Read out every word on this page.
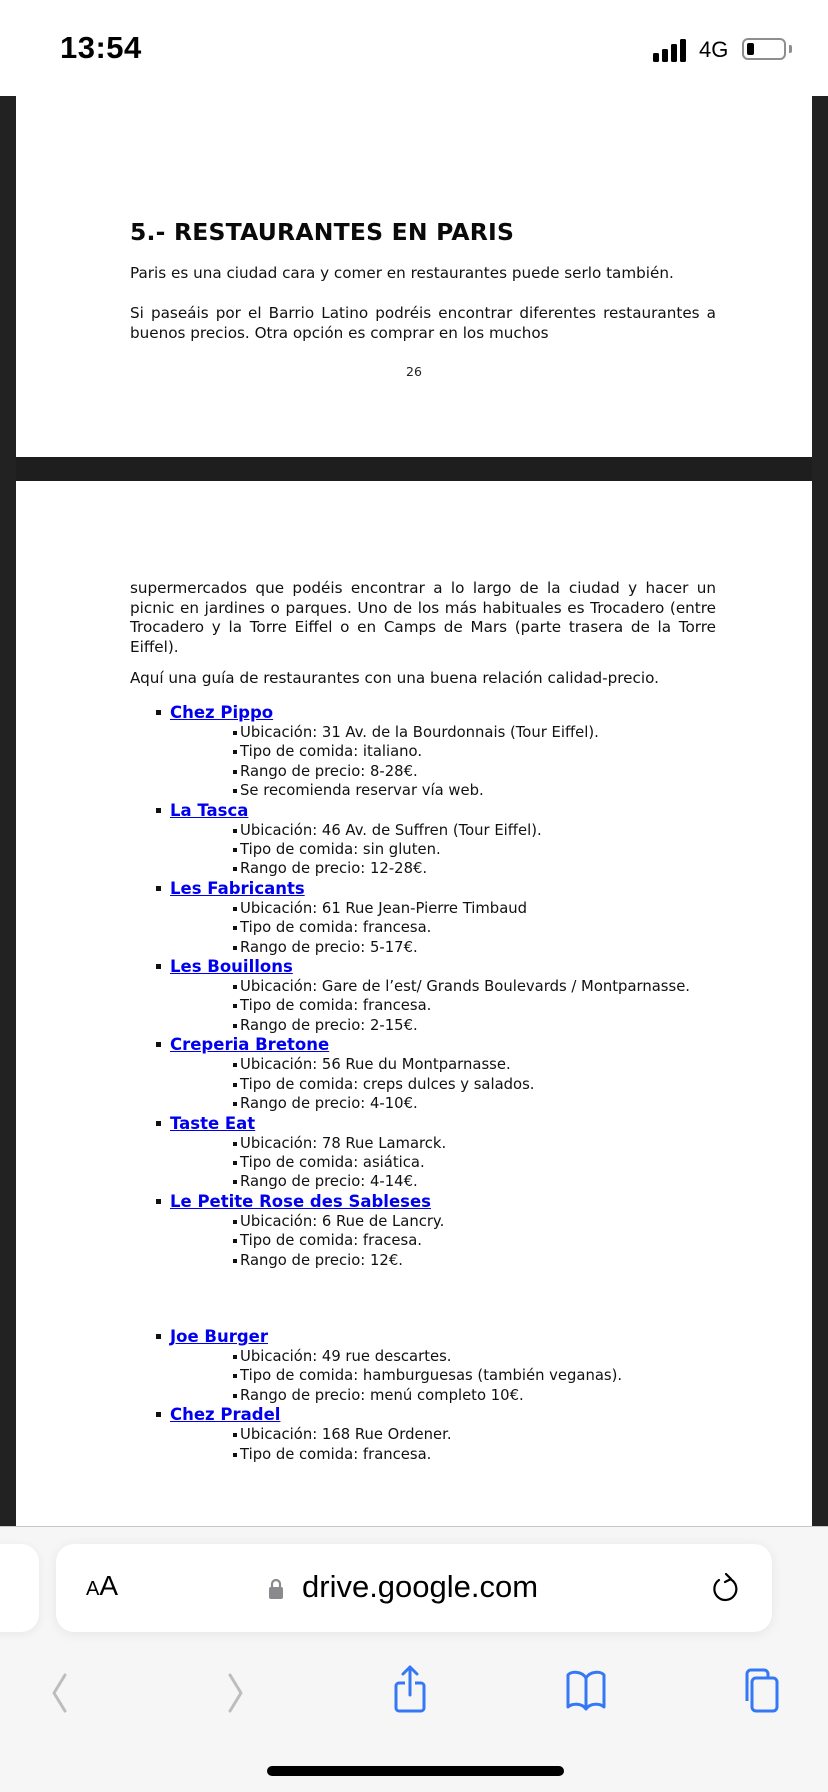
13:54	4G
5.- RESTAURANTES EN PARIS
Paris es una ciudad cara y comer en restaurantes puede serlo también.
Si paseáis por el Barrio Latino podréis encontrar diferentes restaurantes a buenos precios. Otra opción es comprar en los muchos
26
supermercados que podéis encontrar a lo largo de la ciudad y hacer un picnic en jardines o parques. Uno de los más habituales es Trocadero (entre Trocadero y la Torre Eiffel o en Camps de Mars (parte trasera de la Torre Eiffel).
Aquí una guía de restaurantes con una buena relación calidad-precio.
Chez Pippo
Ubicación: 31 Av. de la Bourdonnais (Tour Eiffel).
Tipo de comida: italiano.
Rango de precio: 8-28€.
Se recomienda reservar vía web.
La Tasca
Ubicación: 46 Av. de Suffren (Tour Eiffel).
Tipo de comida: sin gluten.
Rango de precio: 12-28€.
Les Fabricants
Ubicación: 61 Rue Jean-Pierre Timbaud
Tipo de comida: francesa.
Rango de precio: 5-17€.
Les Bouillons
Ubicación: Gare de l’est/ Grands Boulevards / Montparnasse.
Tipo de comida: francesa.
Rango de precio: 2-15€.
Creperia Bretone
Ubicación: 56 Rue du Montparnasse.
Tipo de comida: creps dulces y salados.
Rango de precio: 4-10€.
Taste Eat
Ubicación: 78 Rue Lamarck.
Tipo de comida: asiática.
Rango de precio: 4-14€.
Le Petite Rose des Sableses
Ubicación: 6 Rue de Lancry.
Tipo de comida: fracesa.
Rango de precio: 12€.
Joe Burger
Ubicación: 49 rue descartes.
Tipo de comida: hamburguesas (también veganas).
Rango de precio: menú completo 10€.
Chez Pradel
Ubicación: 168 Rue Ordener.
Tipo de comida: francesa.
AA	drive.google.com
